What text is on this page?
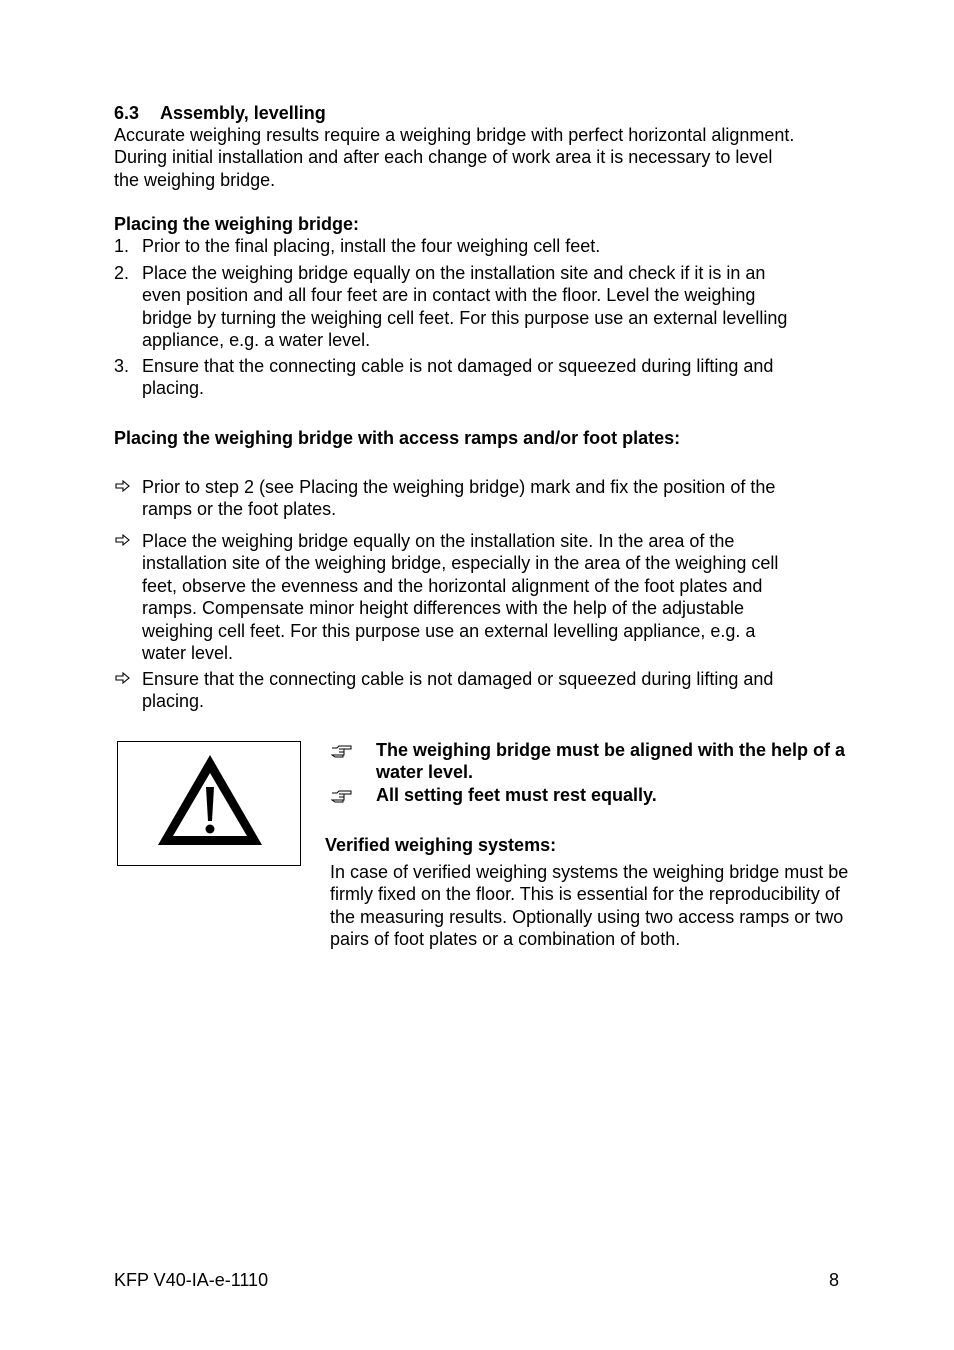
6.3 Assembly, levelling
Accurate weighing results require a weighing bridge with perfect horizontal alignment.
During initial installation and after each change of work area it is necessary to level
the weighing bridge.
Placing the weighing bridge:
1. Prior to the final placing, install the four weighing cell feet.
2. Place the weighing bridge equally on the installation site and check if it is in an
even position and all four feet are in contact with the floor. Level the weighing
bridge by turning the weighing cell feet. For this purpose use an external levelling
appliance, e.g. a water level.
3. Ensure that the connecting cable is not damaged or squeezed during lifting and
placing.
Placing the weighing bridge with access ramps and/or foot plates:
Prior to step 2 (see Placing the weighing bridge) mark and fix the position of the
ramps or the foot plates.
Place the weighing bridge equally on the installation site. In the area of the
installation site of the weighing bridge, especially in the area of the weighing cell
feet, observe the evenness and the horizontal alignment of the foot plates and
ramps. Compensate minor height differences with the help of the adjustable
weighing cell feet. For this purpose use an external levelling appliance, e.g. a
water level.
Ensure that the connecting cable is not damaged or squeezed during lifting and
placing.
The weighing bridge must be aligned with the help of a
water level.
All setting feet must rest equally.
Verified weighing systems:
In case of verified weighing systems the weighing bridge must be
firmly fixed on the floor. This is essential for the reproducibility of
the measuring results. Optionally using two access ramps or two
pairs of foot plates or a combination of both.
KFP V40-IA-e-1110	8
